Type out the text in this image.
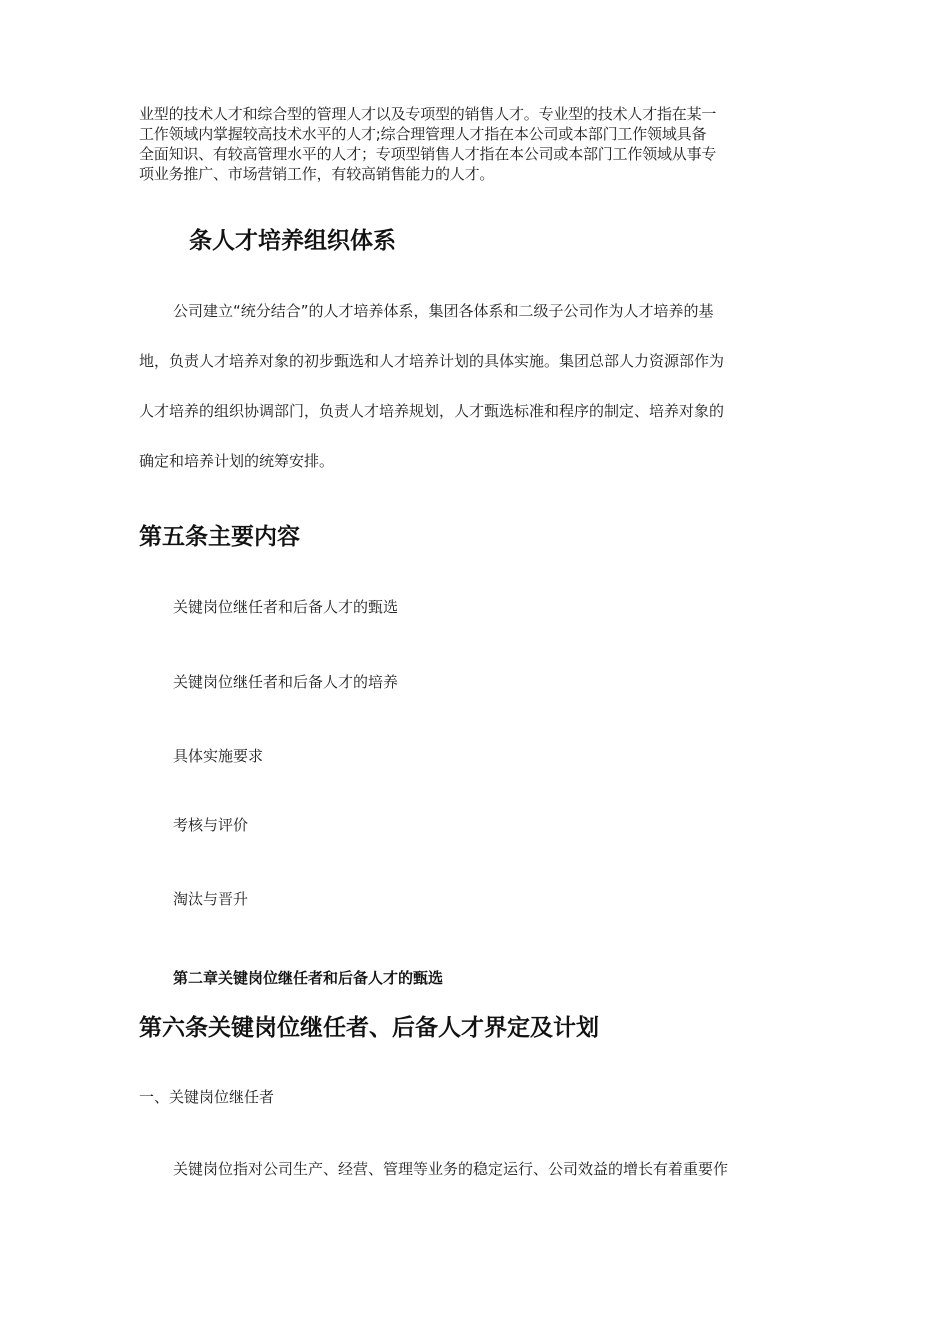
业型的技术人才和综合型的管理人才以及专项型的销售人才。专业型的技术人才指在某一
工作领域内掌握较高技术水平的人才;综合理管理人才指在本公司或本部门工作领域具备
全面知识、有较高管理水平的人才；专项型销售人才指在本公司或本部门工作领域从事专
项业务推广、市场营销工作，有较高销售能力的人才。
条人才培养组织体系
公司建立“统分结合”的人才培养体系，集团各体系和二级子公司作为人才培养的基
地，负责人才培养对象的初步甄选和人才培养计划的具体实施。集团总部人力资源部作为
人才培养的组织协调部门，负责人才培养规划，人才甄选标准和程序的制定、培养对象的
确定和培养计划的统筹安排。
第五条主要内容
关键岗位继任者和后备人才的甄选
关键岗位继任者和后备人才的培养
具体实施要求
考核与评价
淘汰与晋升
第二章关键岗位继任者和后备人才的甄选
第六条关键岗位继任者、后备人才界定及计划
一、关键岗位继任者
关键岗位指对公司生产、经营、管理等业务的稳定运行、公司效益的增长有着重要作
